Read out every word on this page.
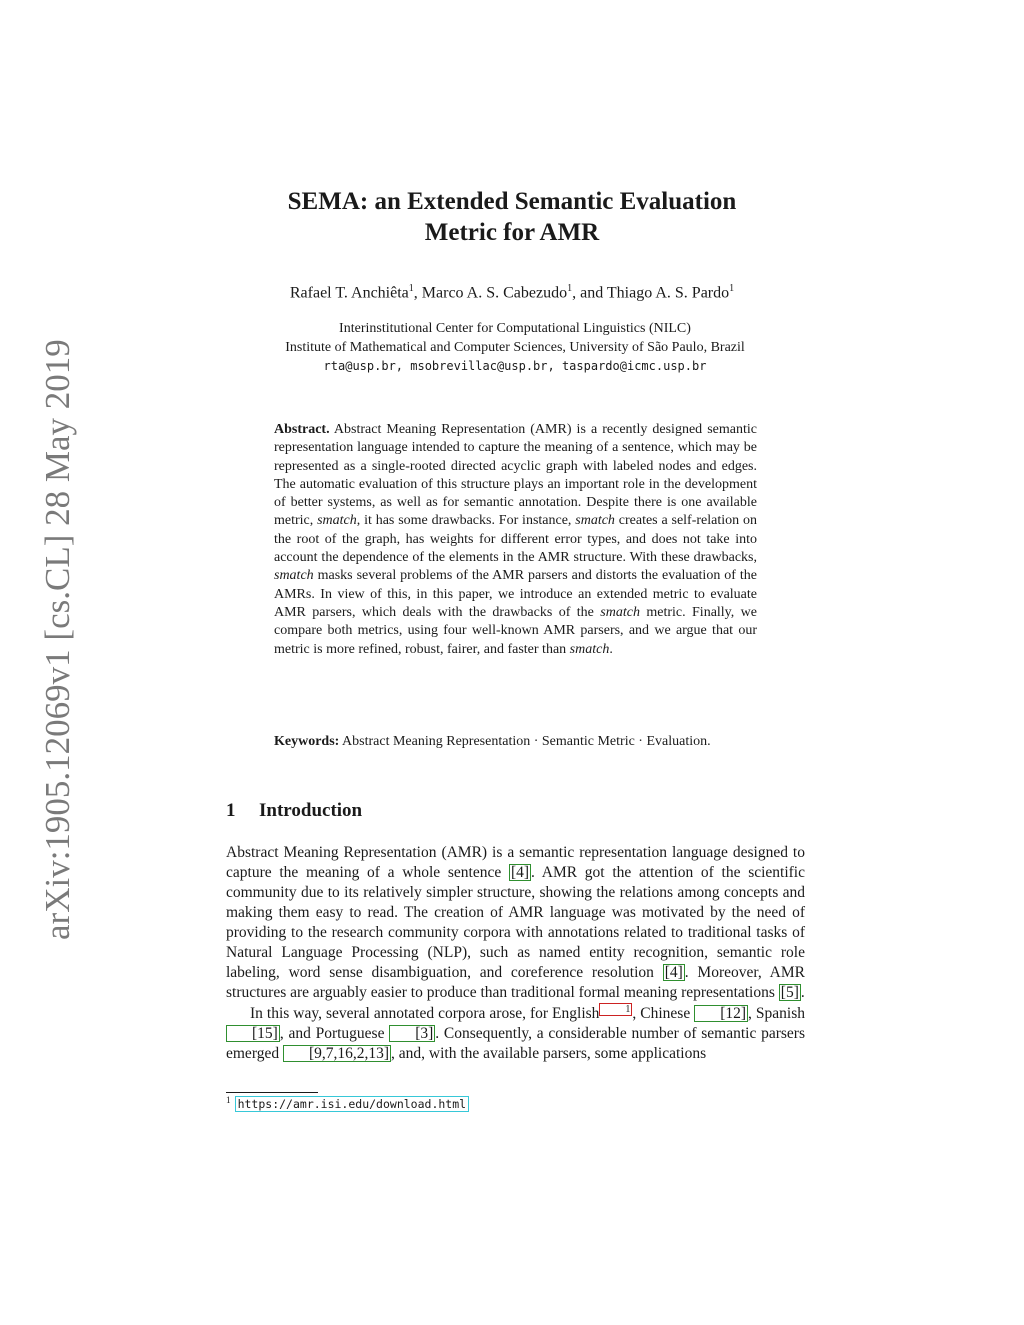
arXiv:1905.12069v1 [cs.CL] 28 May 2019
SEMA: an Extended Semantic Evaluation
Metric for AMR
Rafael T. Anchiêta$^1$, Marco A. S. Cabezudo$^1$, and Thiago A. S. Pardo$^1$
Interinstitutional Center for Computational Linguistics (NILC)
Institute of Mathematical and Computer Sciences, University of São Paulo, Brazil
rta@usp.br, msobrevillac@usp.br, taspardo@icmc.usp.br
Abstract. Abstract Meaning Representation (AMR) is a recently designed semantic representation language intended to capture the meaning of a sentence, which may be represented as a single-rooted directed acyclic graph with labeled nodes and edges. The automatic evaluation of this structure plays an important role in the development of better systems, as well as for semantic annotation. Despite there is one available metric, smatch, it has some drawbacks. For instance, smatch creates a self-relation on the root of the graph, has weights for different error types, and does not take into account the dependence of the elements in the AMR structure. With these drawbacks, smatch masks several problems of the AMR parsers and distorts the evaluation of the AMRs. In view of this, in this paper, we introduce an extended metric to evaluate AMR parsers, which deals with the drawbacks of the smatch metric. Finally, we compare both metrics, using four well-known AMR parsers, and we argue that our metric is more refined, robust, fairer, and faster than smatch.
Keywords: Abstract Meaning Representation · Semantic Metric · Evaluation.
1 Introduction

Abstract Meaning Representation (AMR) is a semantic representation language designed to capture the meaning of a whole sentence [4] . AMR got the attention of the scientific community due to its relatively simpler structure, showing the relations among concepts and making them easy to read. The creation of AMR language was motivated by the need of providing to the research community corpora with annotations related to traditional tasks of Natural Language Processing (NLP), such as named entity recognition, semantic role labeling, word sense disambiguation, and coreference resolution [4] . Moreover, AMR structures are arguably easier to produce than traditional formal meaning representations [5] .

In this way, several annotated corpora arose, for English	1 , Chinese [12] , Spanish [15] , and Portuguese [3] . Consequently, a considerable number of semantic parsers emerged [9,7,16,2,13] , and, with the available parsers, some applications

$^1$ https://amr.isi.edu/download.html
